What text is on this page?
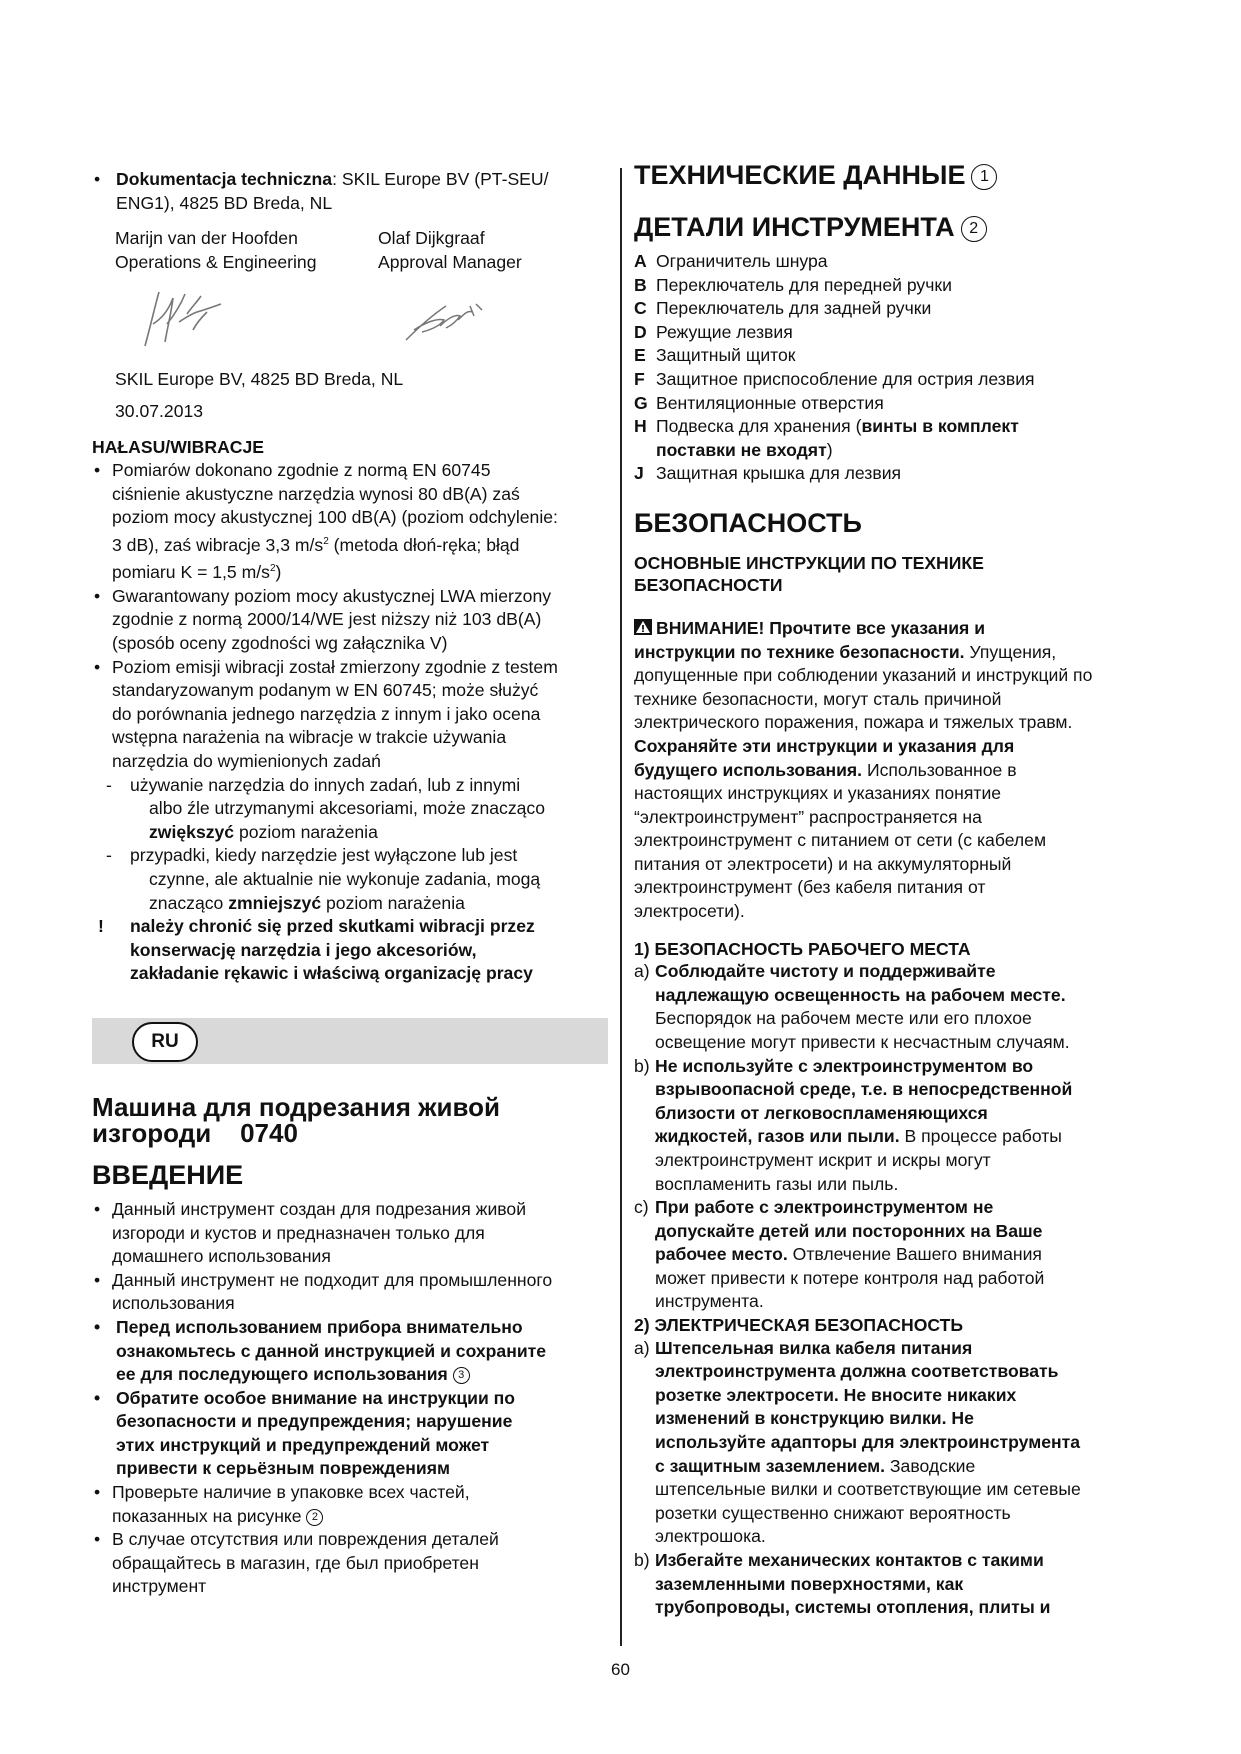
• Dokumentacja techniczna: SKIL Europe BV (PT-SEU/
ENG1), 4825 BD Breda, NL
Marijn van der Hoofden	Olaf Dijkgraaf
Operations & Engineering	Approval Manager

SKIL Europe BV, 4825 BD Breda, NL

30.07.2013

HAŁASU/WIBRACJE

• Pomiarów dokonano zgodnie z normą EN 60745
ciśnienie akustyczne narzędzia wynosi 80 dB(A) zaś
poziom mocy akustycznej 100 dB(A) (poziom odchylenie:
3 dB), zaś wibracje 3,3 $m/s^2$ (metoda dłoń-ręka; błąd
pomiaru K = 1,5 $m/s^2$)
• Gwarantowany poziom mocy akustycznej LWA mierzony
zgodnie z normą 2000/14/WE jest niższy niż 103 dB(A)
(sposób oceny zgodności wg załącznika V)
• Poziom emisji wibracji został zmierzony zgodnie z testem
standaryzowanym podanym w EN 60745; może służyć
do porównania jednego narzędzia z innym i jako ocena
wstępna narażenia na wibracje w trakcie używania
narzędzia do wymienionych zadań
- używanie narzędzia do innych zadań, lub z innymi
albo źle utrzymanymi akcesoriami, może znacząco
zwiększyć poziom narażenia
- przypadki, kiedy narzędzie jest wyłączone lub jest
czynne, ale aktualnie nie wykonuje zadania, mogą
znacząco zmniejszyć poziom narażenia
! należy chronić się przed skutkami wibracji przez
konserwację narzędzia i jego akcesoriów,
zakładanie rękawic i właściwą organizację pracy
RU
Машина для подрезания живой
изгороди    0740

ВВЕДЕНИЕ

• Данный инструмент создан для подрезания живой
изгороди и кустов и предназначен только для
домашнего использования
• Данный инструмент не подходит для промышленного
использования
• Перед использованием прибора внимательно
ознакомьтесь с данной инструкцией и сохраните
ее для последующего использования 3
• Обратите особое внимание на инструкции по
безопасности и предупреждения; нарушение
этих инструкций и предупреждений может
привести к серьёзным повреждениям
• Проверьте наличие в упаковке всех частей,
показанных на рисунке 2
• В случае отсутствия или повреждения деталей
обращайтесь в магазин, где был приобретен
инструмент

ТЕХНИЧЕСКИЕ ДАННЫЕ 1

ДЕТАЛИ ИНСТРУМЕНТА 2

A Ограничитель шнура
B Переключатель для передней ручки
C Переключатель для задней ручки
D Режущие лезвия
E Защитный щиток
F Защитное приспособление для острия лезвия
G Вентиляционные отверстия
H Подвеска для хранения (винты в комплект
поставки не входят)
J Защитная крышка для лезвия

БЕЗОПАСНОСТЬ

ОСНОВНЫЕ ИНСТРУКЦИИ ПО ТЕХНИКЕ
БЕЗОПАСНОСТИ

ВНИМАНИЕ! Прочтите все указания и
инструкции по технике безопасности. Упущения,
допущенные при соблюдении указаний и инструкций по
технике безопасности, могут сталь причиной
электрического поражения, пожара и тяжелых травм.
Сохраняйте эти инструкции и указания для
будущего использования. Использованное в
настоящих инструкциях и указаниях понятие
“электроинструмент” распространяется на
электроинструмент с питанием от сети (с кабелем
питания от электросети) и на аккумуляторный
электроинструмент (без кабеля питания от
электросети).

1) БЕЗОПАСНОСТЬ РАБОЧЕГО МЕСТА

a) Соблюдайте чистоту и поддерживайте
надлежащую освещенность на рабочем месте.
Беспорядок на рабочем месте или его плохое
освещение могут привести к несчастным случаям.
b) Не используйте с электроинструментом во
взрывоопасной среде, т.е. в непосредственной
близости от легковоспламеняющихся
жидкостей, газов или пыли. В процессе работы
электроинструмент искрит и искры могут
воспламенить газы или пыль.
c) При работе с электроинструментом не
допускайте детей или посторонних на Ваше
рабочее место. Отвлечение Вашего внимания
может привести к потере контроля над работой
инструмента.

2) ЭЛЕКТРИЧЕСКАЯ БЕЗОПАСНОСТЬ

a) Штепсельная вилка кабеля питания
электроинструмента должна соответствовать
розетке электросети. Не вносите никаких
изменений в конструкцию вилки. Не
используйте адапторы для электроинструмента
с защитным заземлением. Заводские
штепсельные вилки и соответствующие им сетевые
розетки существенно снижают вероятность
электрошока.
b) Избегайте механических контактов с такими
заземленными поверхностями, как
трубопроводы, системы отопления, плиты и
60
